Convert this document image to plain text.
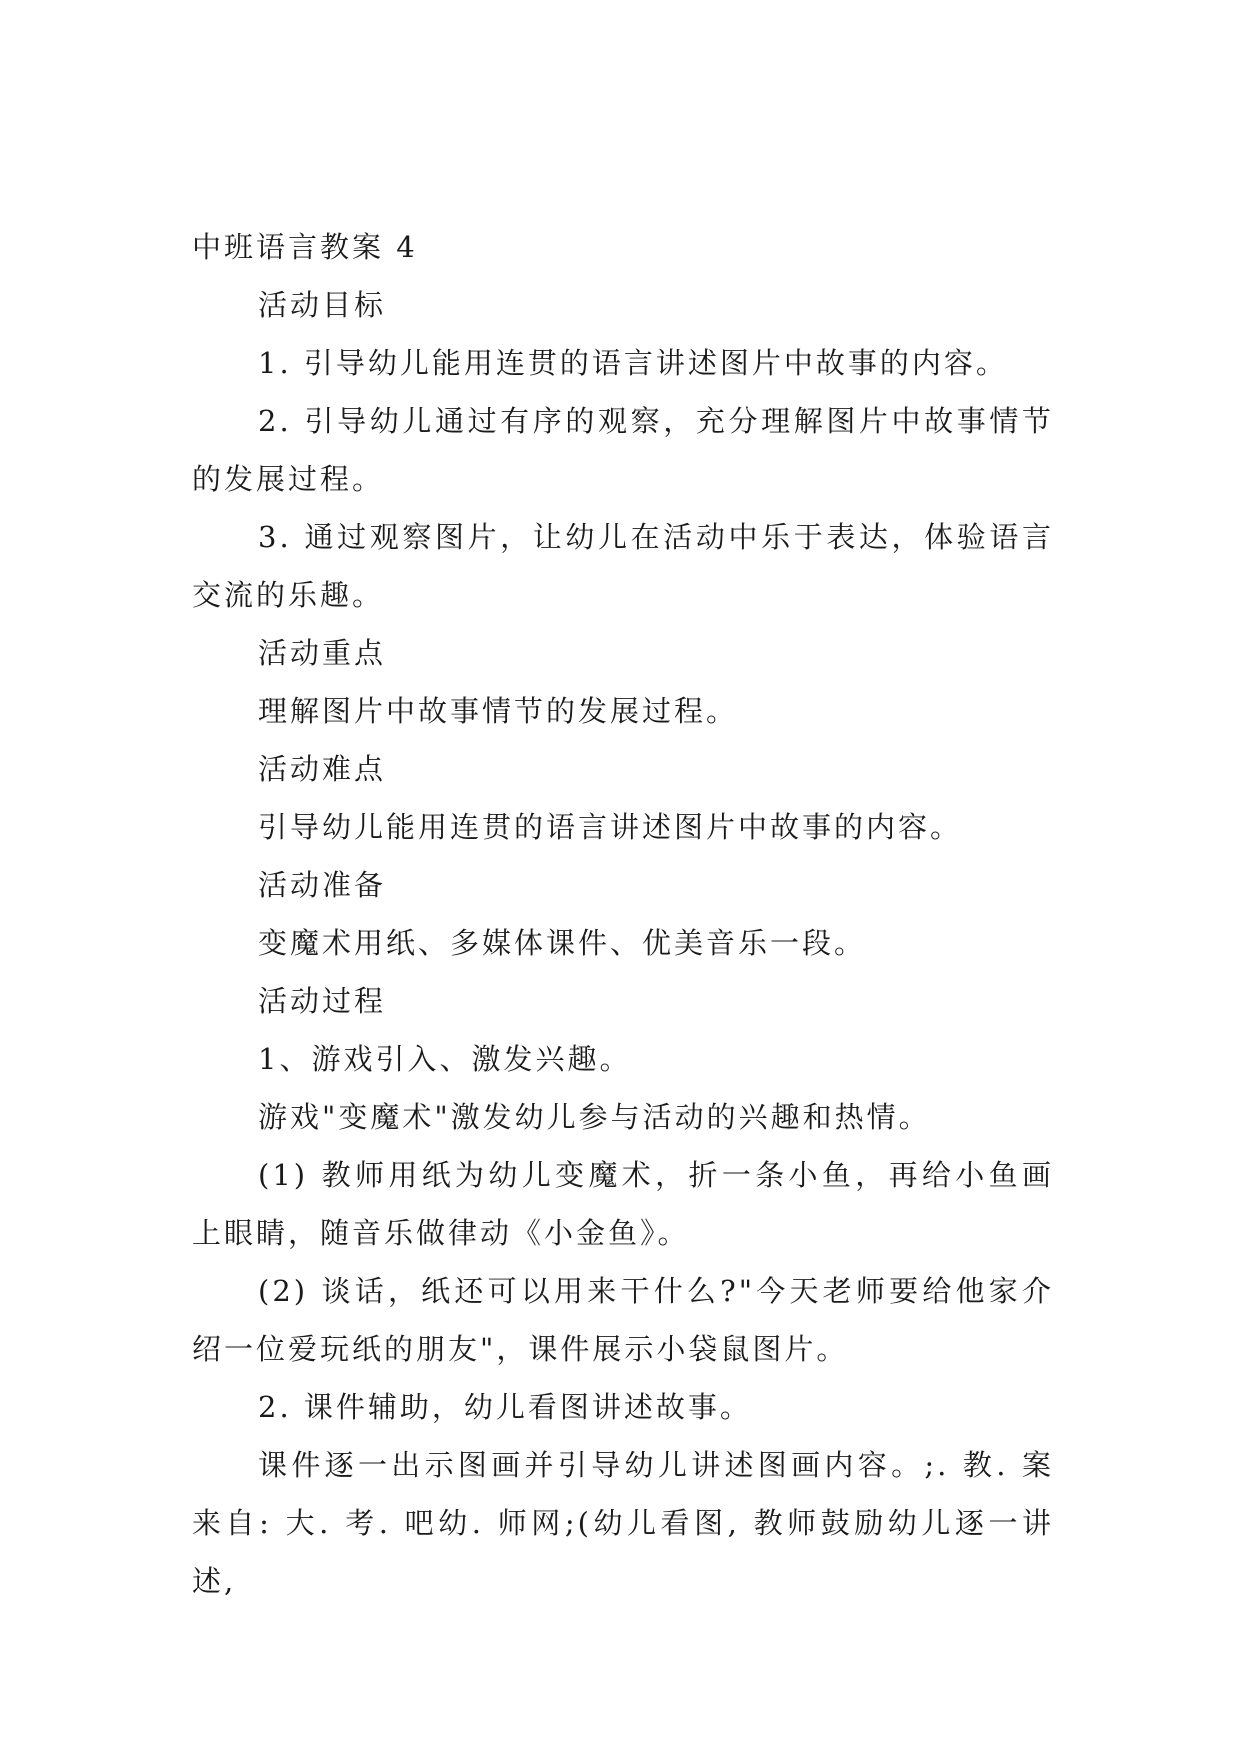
中班语言教案 4

活动目标

1. 引导幼儿能用连贯的语言讲述图片中故事的内容。

2. 引导幼儿通过有序的观察，充分理解图片中故事情节的发展过程。

3. 通过观察图片，让幼儿在活动中乐于表达，体验语言交流的乐趣。

活动重点

理解图片中故事情节的发展过程。

活动难点

引导幼儿能用连贯的语言讲述图片中故事的内容。

活动准备

变魔术用纸、多媒体课件、优美音乐一段。

活动过程

1、游戏引入、激发兴趣。

游戏"变魔术"激发幼儿参与活动的兴趣和热情。

(1) 教师用纸为幼儿变魔术，折一条小鱼，再给小鱼画上眼睛，随音乐做律动《小金鱼》。

(2) 谈话，纸还可以用来干什么?"今天老师要给他家介绍一位爱玩纸的朋友"，课件展示小袋鼠图片。

2. 课件辅助，幼儿看图讲述故事。

课件逐一出示图画并引导幼儿讲述图画内容。;. 教. 案来自: 大. 考. 吧幼. 师网;(幼儿看图, 教师鼓励幼儿逐一讲述,
